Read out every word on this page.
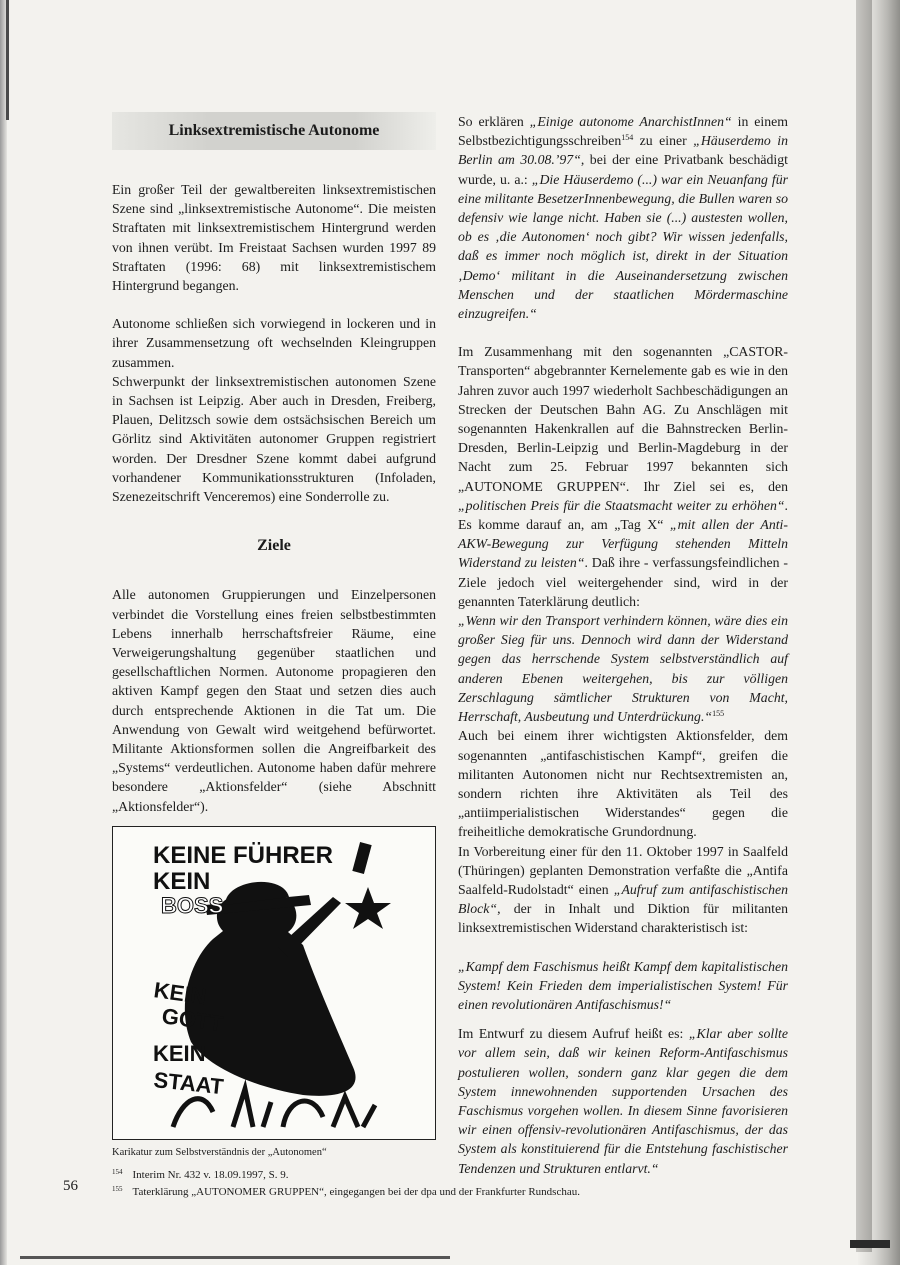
Linksextremistische Autonome

Ein großer Teil der gewaltbereiten linksextremistischen Szene sind „linksextremistische Autonome“. Die meisten Straftaten mit linksextremistischem Hintergrund werden von ihnen verübt. Im Freistaat Sachsen wurden 1997 89 Straftaten (1996: 68) mit linksextremistischem Hintergrund begangen.

Autonome schließen sich vorwiegend in lockeren und in ihrer Zusammensetzung oft wechselnden Kleingruppen zusammen.

Schwerpunkt der linksextremistischen autonomen Szene in Sachsen ist Leipzig. Aber auch in Dresden, Freiberg, Plauen, Delitzsch sowie dem ostsächsischen Bereich um Görlitz sind Aktivitäten autonomer Gruppen registriert worden. Der Dresdner Szene kommt dabei aufgrund vorhandener Kommunikationsstrukturen (Infoladen, Szenezeitschrift Venceremos) eine Sonderrolle zu.

Ziele

Alle autonomen Gruppierungen und Einzelpersonen verbindet die Vorstellung eines freien selbstbestimmten Lebens innerhalb herrschaftsfreier Räume, eine Verweigerungshaltung gegenüber staatlichen und gesellschaftlichen Normen. Autonome propagieren den aktiven Kampf gegen den Staat und setzen dies auch durch entsprechende Aktionen in die Tat um. Die Anwendung von Gewalt wird weitgehend befürwortet. Militante Aktionsformen sollen die Angreifbarkeit des „Systems“ verdeutlichen. Autonome haben dafür mehrere besondere „Aktionsfelder“ (siehe Abschnitt „Aktionsfelder“).

KEINE FÜHRER
KEIN
BOSS
KEIN
GOTT
KEIN
STAAT
Karikatur zum Selbstverständnis der „Autonomen“

So erklären „Einige autonome AnarchistInnen“ in einem Selbstbezichtigungsschreiben$^{154}$ zu einer „Häuserdemo in Berlin am 30.08.’97“, bei der eine Privatbank beschädigt wurde, u. a.: „Die Häuserdemo (...) war ein Neuanfang für eine militante BesetzerInnenbewegung, die Bullen waren so defensiv wie lange nicht. Haben sie (...) austesten wollen, ob es ‚die Autonomen‘ noch gibt? Wir wissen jedenfalls, daß es immer noch möglich ist, direkt in der Situation ‚Demo‘ militant in die Auseinandersetzung zwischen Menschen und der staatlichen Mördermaschine einzugreifen.“

Im Zusammenhang mit den sogenannten „CASTOR-Transporten“ abgebrannter Kernelemente gab es wie in den Jahren zuvor auch 1997 wiederholt Sachbeschädigungen an Strecken der Deutschen Bahn AG. Zu Anschlägen mit sogenannten Hakenkrallen auf die Bahnstrecken Berlin-Dresden, Berlin-Leipzig und Berlin-Magdeburg in der Nacht zum 25. Februar 1997 bekannten sich „AUTONOME GRUPPEN“. Ihr Ziel sei es, den „politischen Preis für die Staatsmacht weiter zu erhöhen“. Es komme darauf an, am „Tag X“ „mit allen der Anti-AKW-Bewegung zur Verfügung stehenden Mitteln Widerstand zu leisten“. Daß ihre - verfassungsfeindlichen - Ziele jedoch viel weitergehender sind, wird in der genannten Taterklärung deutlich:

„Wenn wir den Transport verhindern können, wäre dies ein großer Sieg für uns. Dennoch wird dann der Widerstand gegen das herrschende System selbstverständlich auf anderen Ebenen weitergehen, bis zur völligen Zerschlagung sämtlicher Strukturen von Macht, Herrschaft, Ausbeutung und Unterdrückung.“$^{155}$

Auch bei einem ihrer wichtigsten Aktionsfelder, dem sogenannten „antifaschistischen Kampf“, greifen die militanten Autonomen nicht nur Rechtsextremisten an, sondern richten ihre Aktivitäten als Teil des „antiimperialistischen Widerstandes“ gegen die freiheitliche demokratische Grundordnung.

In Vorbereitung einer für den 11. Oktober 1997 in Saalfeld (Thüringen) geplanten Demonstration verfaßte die „Antifa Saalfeld-Rudolstadt“ einen „Aufruf zum antifaschistischen Block“, der in Inhalt und Diktion für militanten linksextremistischen Widerstand charakteristisch ist:

„Kampf dem Faschismus heißt Kampf dem kapitalistischen System! Kein Frieden dem imperialistischen System! Für einen revolutionären Antifaschismus!“

Im Entwurf zu diesem Aufruf heißt es: „Klar aber sollte vor allem sein, daß wir keinen Reform-Antifaschismus postulieren wollen, sondern ganz klar gegen die dem System innewohnenden supportenden Ursachen des Faschismus vorgehen wollen. In diesem Sinne favorisieren wir einen offensiv-revolutionären Antifaschismus, der das System als konstituierend für die Entstehung faschistischer Tendenzen und Strukturen entlarvt.“

56
$^{154}$ Interim Nr. 432 v. 18.09.1997, S. 9.
$^{155}$ Taterklärung „AUTONOMER GRUPPEN“, eingegangen bei der dpa und der Frankfurter Rundschau.
